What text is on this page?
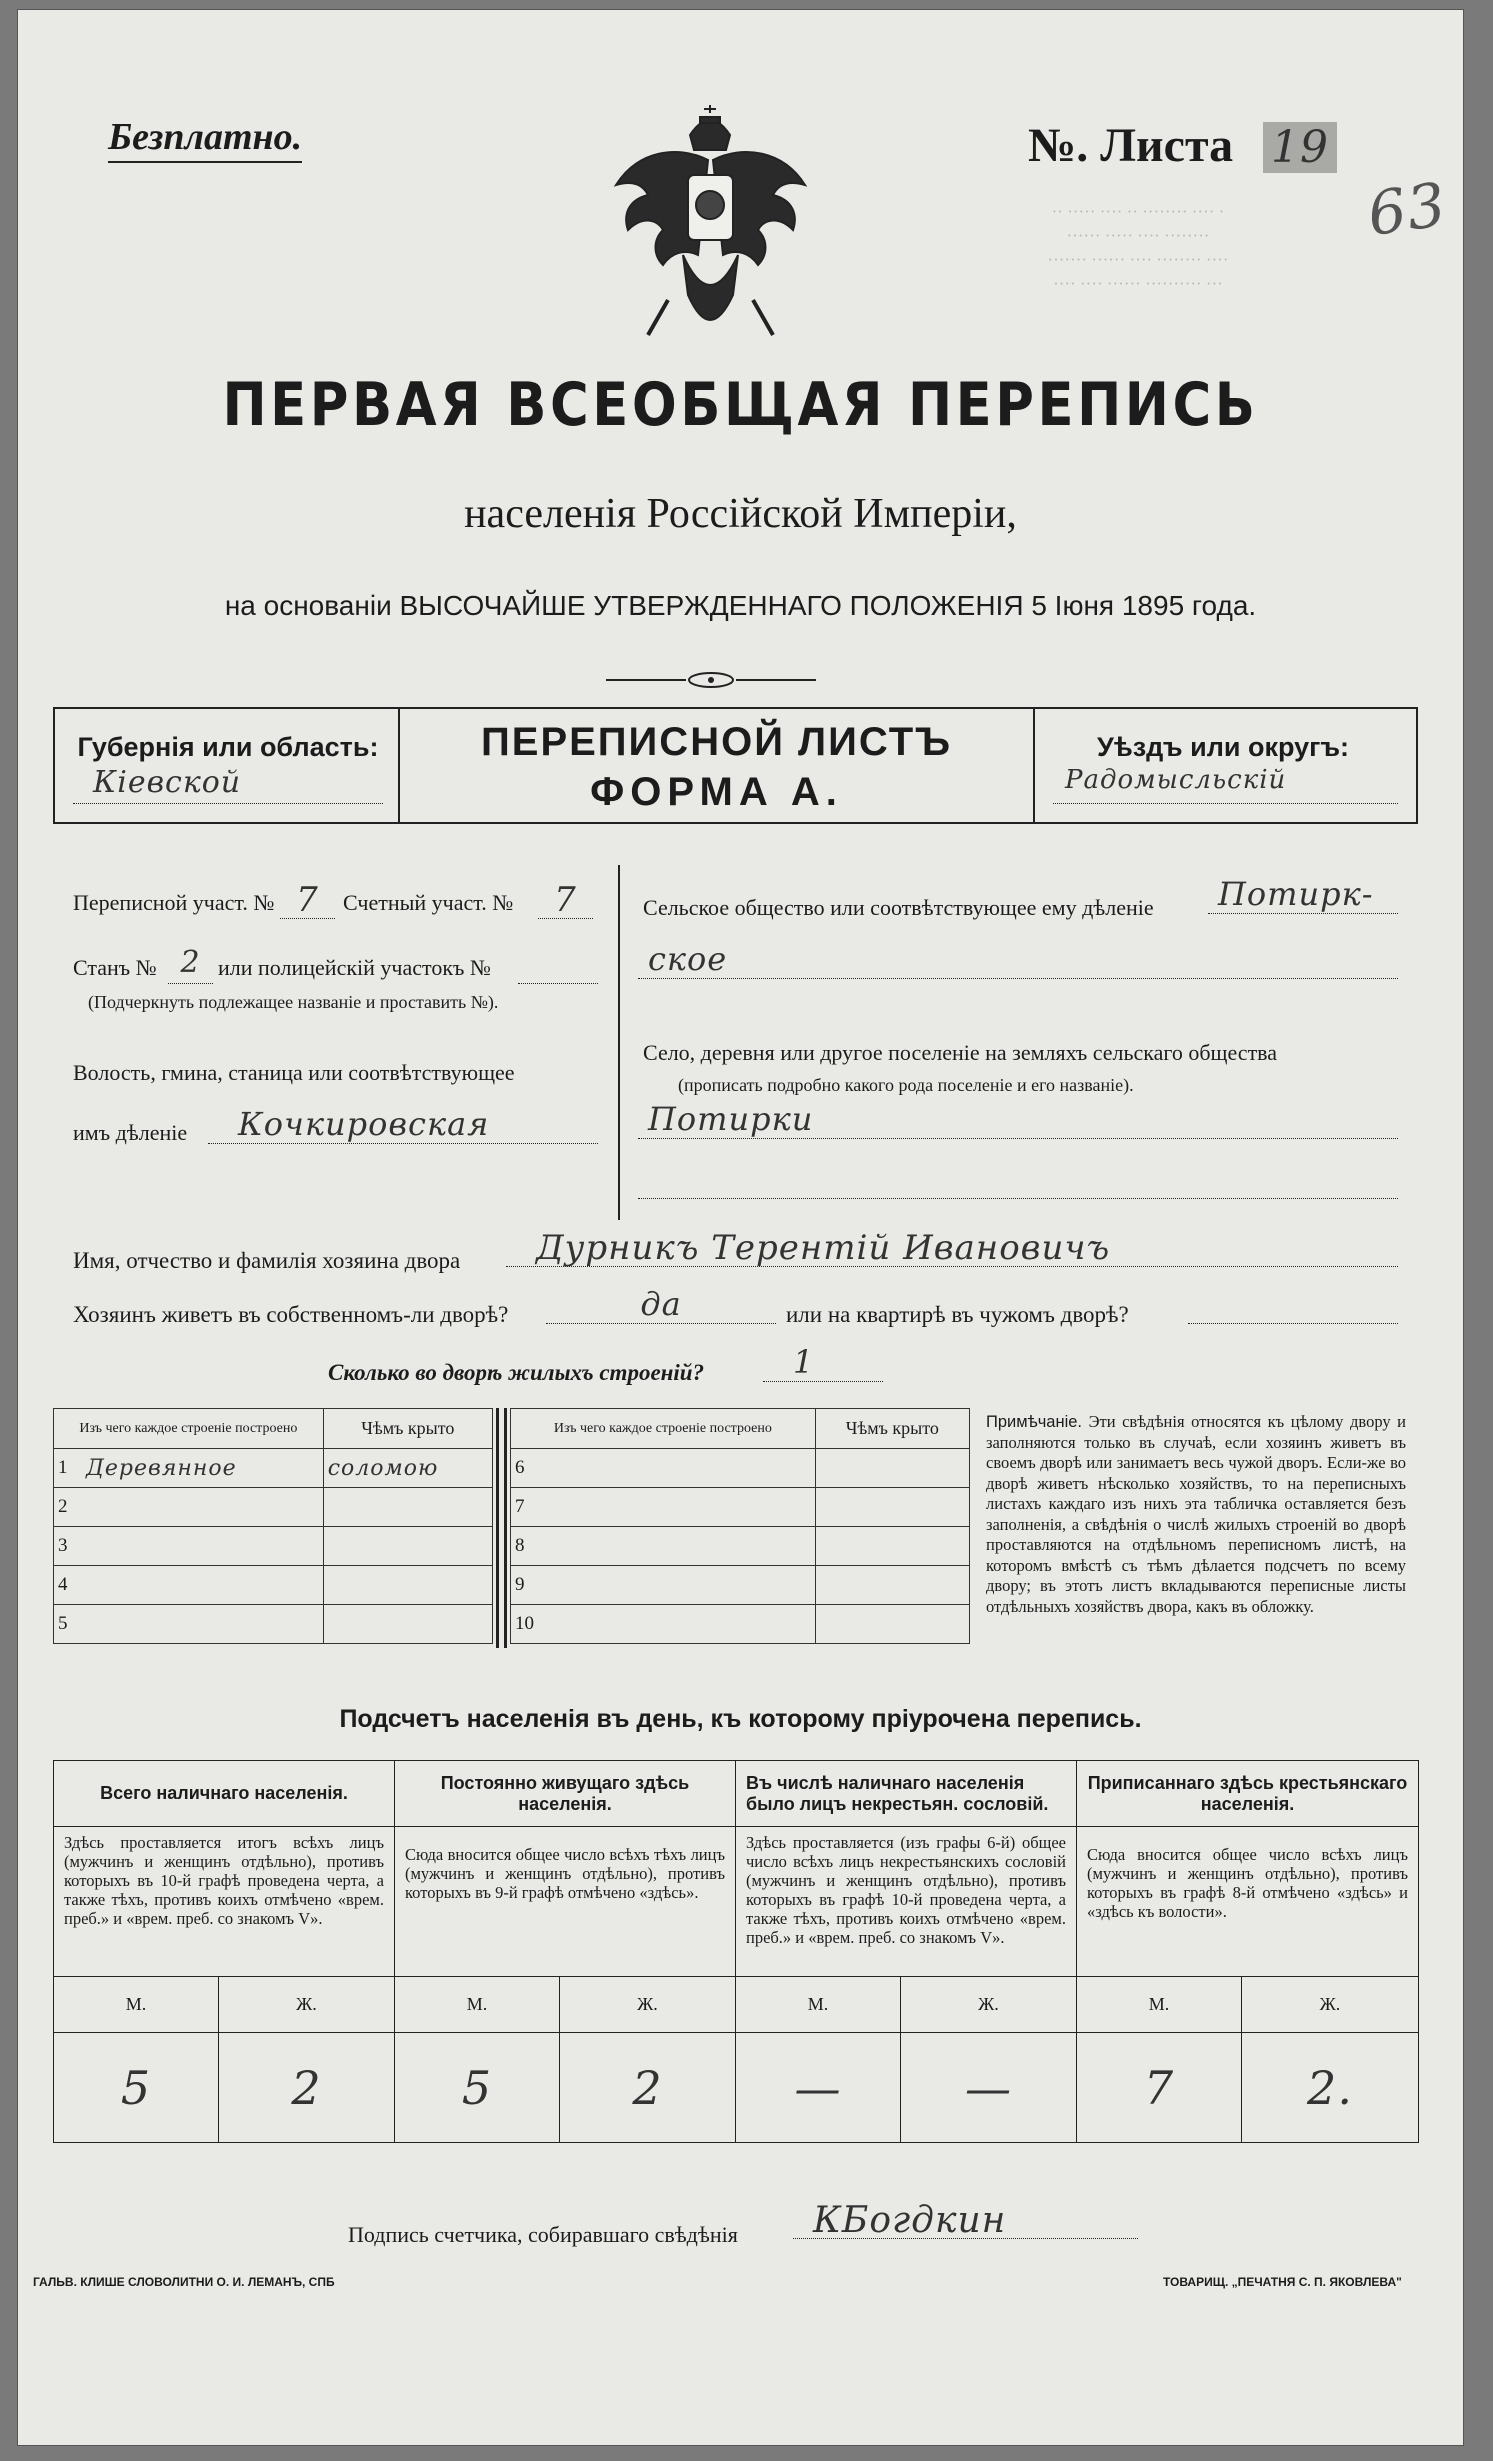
·· ····· ···· ·· ········ ···· ·
······ ····· ···· ········
······· ······ ···· ········ ····
···· ···· ······ ·········· ···
Безплатно.	№. Листа 19
63
ПЕРВАЯ ВСЕОБЩАЯ ПЕРЕПИСЬ
населенія Россійской Имперіи,
на основаніи ВЫСОЧАЙШЕ УТВЕРЖДЕННАГО ПОЛОЖЕНІЯ 5 Іюня 1895 года.
Губернія или область:
Кіевской
ПЕРЕПИСНОЙ ЛИСТЪ
ФОРМА А.
Уѣздъ или округъ:
Радомысльскій
Переписной участ. № 7	Счетный участ. №	7
Станъ № 2 или полицейскій участокъ №
(Подчеркнуть подлежащее названіе и проставить №).
Волость, гмина, станица или соотвѣтствующее
имъ дѣленіе	Кочкировская
Сельское общество или соотвѣтствующее ему дѣленіе	Потирк-
ское
Село, деревня или другое поселеніе на земляхъ сельскаго общества
(прописать подробно какого рода поселеніе и его названіе).
Потирки
Имя, отчество и фамилія хозяина двора	Дурникъ Терентій Ивановичъ
Хозяинъ живетъ въ собственномъ-ли дворѣ?	да	или на квартирѣ въ чужомъ дворѣ?
Сколько во дворѣ жилыхъ строеній?	1
Изъ чего каждое строеніе построено		Чѣмъ крыто
1	Деревянное	соломою
2		
3		
4		
5		
Изъ чего каждое строеніе построено		Чѣмъ крыто
6		
7		
8		
9		
10		
Примѣчаніе. Эти свѣдѣнія относятся къ цѣлому двору и заполняются только въ случаѣ, если хозяинъ живетъ въ своемъ дворѣ или занимаетъ весь чужой дворъ. Если-же во дворѣ живетъ нѣсколько хозяйствъ, то на переписныхъ листахъ каждаго изъ нихъ эта табличка оставляется безъ заполненія, а свѣдѣнія о числѣ жилыхъ строеній во дворѣ проставляются на отдѣльномъ переписномъ листѣ, на которомъ вмѣстѣ съ тѣмъ дѣлается подсчетъ по всему двору; въ этотъ листъ вкладываются переписные листы отдѣльныхъ хозяйствъ двора, какъ въ обложку.
Подсчетъ населенія въ день, къ которому пріурочена перепись.
Всего наличнаго населенія.	Постоянно живущаго здѣсь населенія.	Въ числѣ наличнаго населенія было лицъ некрестьян. сословій.	Приписаннаго здѣсь крестьянскаго населенія.
Здѣсь проставляется итогъ всѣхъ лицъ (мужчинъ и женщинъ отдѣльно), противъ которыхъ въ 10-й графѣ проведена черта, а также тѣхъ, противъ коихъ отмѣчено «врем. преб.» и «врем. преб. со знакомъ V».	Сюда вносится общее число всѣхъ тѣхъ лицъ (мужчинъ и женщинъ отдѣльно), противъ которыхъ въ 9-й графѣ отмѣчено «здѣсь».	Здѣсь проставляется (изъ графы 6-й) общее число всѣхъ лицъ некрестьянскихъ сословій (мужчинъ и женщинъ отдѣльно), противъ которыхъ въ графѣ 10-й проведена черта, а также тѣхъ, противъ коихъ отмѣчено «врем. преб.» и «врем. преб. со знакомъ V».	Сюда вносится общее число всѣхъ лицъ (мужчинъ и женщинъ отдѣльно), противъ которыхъ въ графѣ 8-й отмѣчено «здѣсь» и «здѣсь къ волости».
М.	Ж.	М.	Ж.	М.	Ж.	М.	Ж.
5	2	5	2	—	—	7	2.
Подпись счетчика, собиравшаго свѣдѣнія	КБогдкин
ГАЛЬВ. КЛИШЕ СЛОВОЛИТНИ О. И. ЛЕМАНЪ, СПБ	ТОВАРИЩ. „ПЕЧАТНЯ С. П. ЯКОВЛЕВА"
